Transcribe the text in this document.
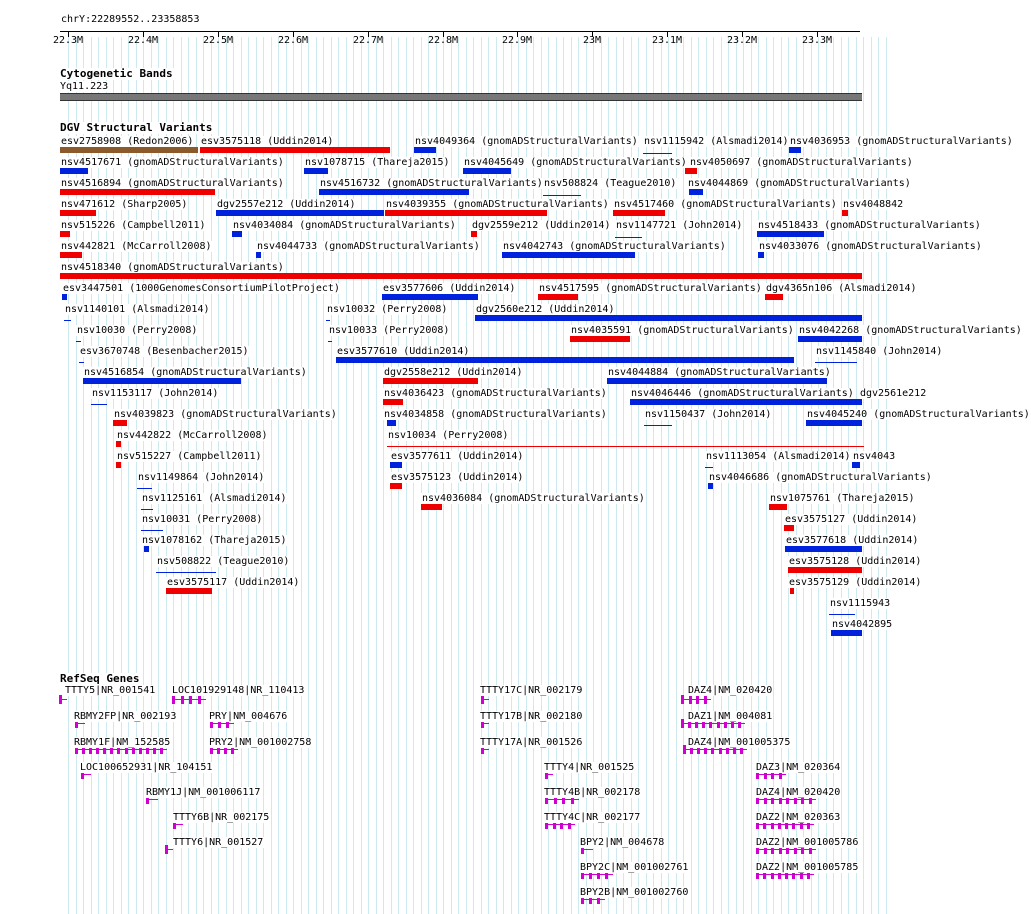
chrY:22289552..23358853
22.3M	22.4M	22.5M	22.6M	22.7M	22.8M	22.9M	23M	23.1M	23.2M	23.3M
Cytogenetic Bands
Yq11.223
DGV Structural Variants
esv2758908 (Redon2006) esv3575118 (Uddin2014)	nsv4049364 (gnomADStructuralVariants) nsv1115942 (Alsmadi2014) nsv4036953 (gnomADStructuralVariants)
nsv4517671 (gnomADStructuralVariants) nsv1078715 (Thareja2015) nsv4045649 (gnomADStructuralVariants) nsv4050697 (gnomADStructuralVariants)
nsv4516894 (gnomADStructuralVariants)	nsv4516732 (gnomADStructuralVariants) nsv508824 (Teague2010) nsv4044869 (gnomADStructuralVariants)
nsv471612 (Sharp2005)	dgv2557e212 (Uddin2014)	nsv4039355 (gnomADStructuralVariants) nsv4517460 (gnomADStructuralVariants) nsv4048842
nsv515226 (Campbell2011)	nsv4034084 (gnomADStructuralVariants) dgv2559e212 (Uddin2014) nsv1147721 (John2014) nsv4518433 (gnomADStructuralVariants)
nsv442821 (McCarroll2008)	nsv4044733 (gnomADStructuralVariants) nsv4042743 (gnomADStructuralVariants)	nsv4033076 (gnomADStructuralVariants)
nsv4518340 (gnomADStructuralVariants)
esv3447501 (1000GenomesConsortiumPilotProject)	esv3577606 (Uddin2014) nsv4517595 (gnomADStructuralVariants) dgv4365n106 (Alsmadi2014)
nsv1140101 (Alsmadi2014)	nsv10032 (Perry2008)	dgv2560e212 (Uddin2014)
nsv10030 (Perry2008)	nsv10033 (Perry2008)	nsv4035591 (gnomADStructuralVariants) nsv4042268 (gnomADStructuralVariants)
esv3670748 (Besenbacher2015)	esv3577610 (Uddin2014)	nsv1145840 (John2014)
nsv4516854 (gnomADStructuralVariants)	dgv2558e212 (Uddin2014)	nsv4044884 (gnomADStructuralVariants)
nsv1153117 (John2014)	nsv4036423 (gnomADStructuralVariants) nsv4046446 (gnomADStructuralVariants) dgv2561e212
nsv4039823 (gnomADStructuralVariants)	nsv4034858 (gnomADStructuralVariants)	nsv1150437 (John2014)	nsv4045240 (gnomADStructuralVariants)
nsv442822 (McCarroll2008)	nsv10034 (Perry2008)
nsv515227 (Campbell2011)	esv3577611 (Uddin2014)	nsv1113054 (Alsmadi2014) nsv4043
nsv1149864 (John2014)	esv3575123 (Uddin2014)	nsv4046686 (gnomADStructuralVariants)
nsv1125161 (Alsmadi2014)	nsv4036084 (gnomADStructuralVariants)	nsv1075761 (Thareja2015)
nsv10031 (Perry2008)	esv3575127 (Uddin2014)
nsv1078162 (Thareja2015)	esv3577618 (Uddin2014)
nsv508822 (Teague2010)	esv3575128 (Uddin2014)
esv3575117 (Uddin2014)	esv3575129 (Uddin2014)
nsv1115943
nsv4042895
RefSeq Genes
TTTY5|NR_001541 LOC101929148|NR_110413	TTTY17C|NR_002179	DAZ4|NM_020420
RBMY2FP|NR_002193	PRY|NM_004676	TTTY17B|NR_002180	DAZ1|NM_004081
RBMY1F|NM_152585	PRY2|NM_001002758	TTTY17A|NR_001526	DAZ4|NM_001005375
LOC100652931|NR_104151	TTTY4|NR_001525	DAZ3|NM_020364
RBMY1J|NM_001006117	TTTY4B|NR_002178	DAZ4|NM_020420
TTTY6B|NR_002175	TTTY4C|NR_002177	DAZ2|NM_020363
TTTY6|NR_001527	BPY2|NM_004678	DAZ2|NM_001005786
BPY2C|NM_001002761	DAZ2|NM_001005785
BPY2B|NM_001002760
